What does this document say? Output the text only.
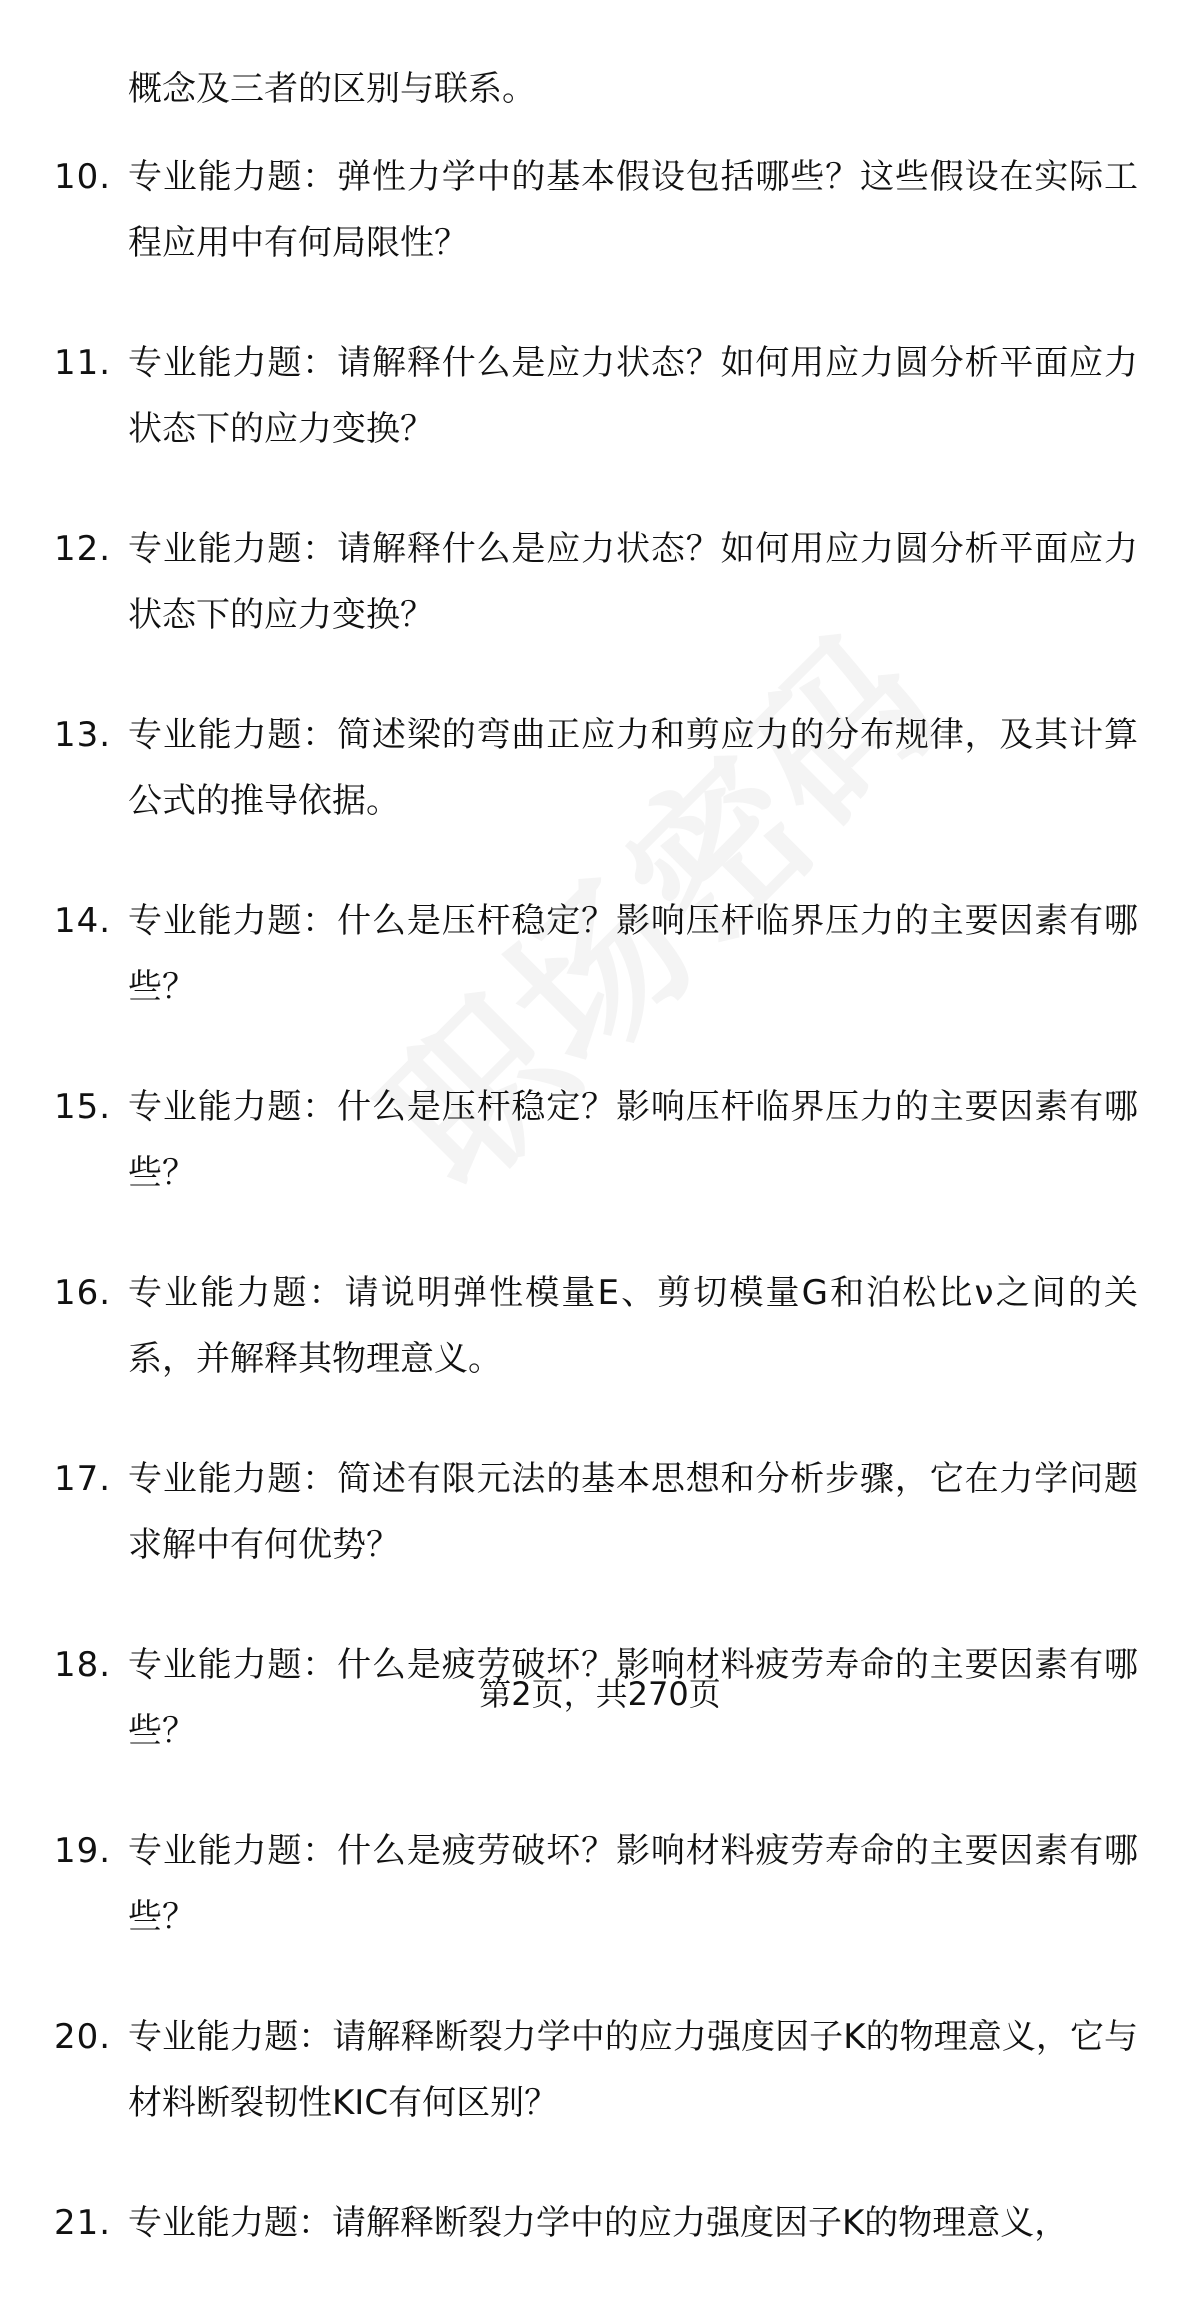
概念及三者的区别与联系。
10. 专业能力题：弹性力学中的基本假设包括哪些？这些假设在实际工程应用中有何局限性？
11. 专业能力题：请解释什么是应力状态？如何用应力圆分析平面应力状态下的应力变换？
12. 专业能力题：请解释什么是应力状态？如何用应力圆分析平面应力状态下的应力变换？
13. 专业能力题：简述梁的弯曲正应力和剪应力的分布规律，及其计算公式的推导依据。
14. 专业能力题：什么是压杆稳定？影响压杆临界压力的主要因素有哪些？
15. 专业能力题：什么是压杆稳定？影响压杆临界压力的主要因素有哪些？
16. 专业能力题：请说明弹性模量E、剪切模量G和泊松比ν之间的关系，并解释其物理意义。
17. 专业能力题：简述有限元法的基本思想和分析步骤，它在力学问题求解中有何优势？
18. 专业能力题：什么是疲劳破坏？影响材料疲劳寿命的主要因素有哪些？
19. 专业能力题：什么是疲劳破坏？影响材料疲劳寿命的主要因素有哪些？
20. 专业能力题：请解释断裂力学中的应力强度因子K的物理意义，它与材料断裂韧性KIC有何区别？
21. 专业能力题：请解释断裂力学中的应力强度因子K的物理意义，
第2页，共270页
